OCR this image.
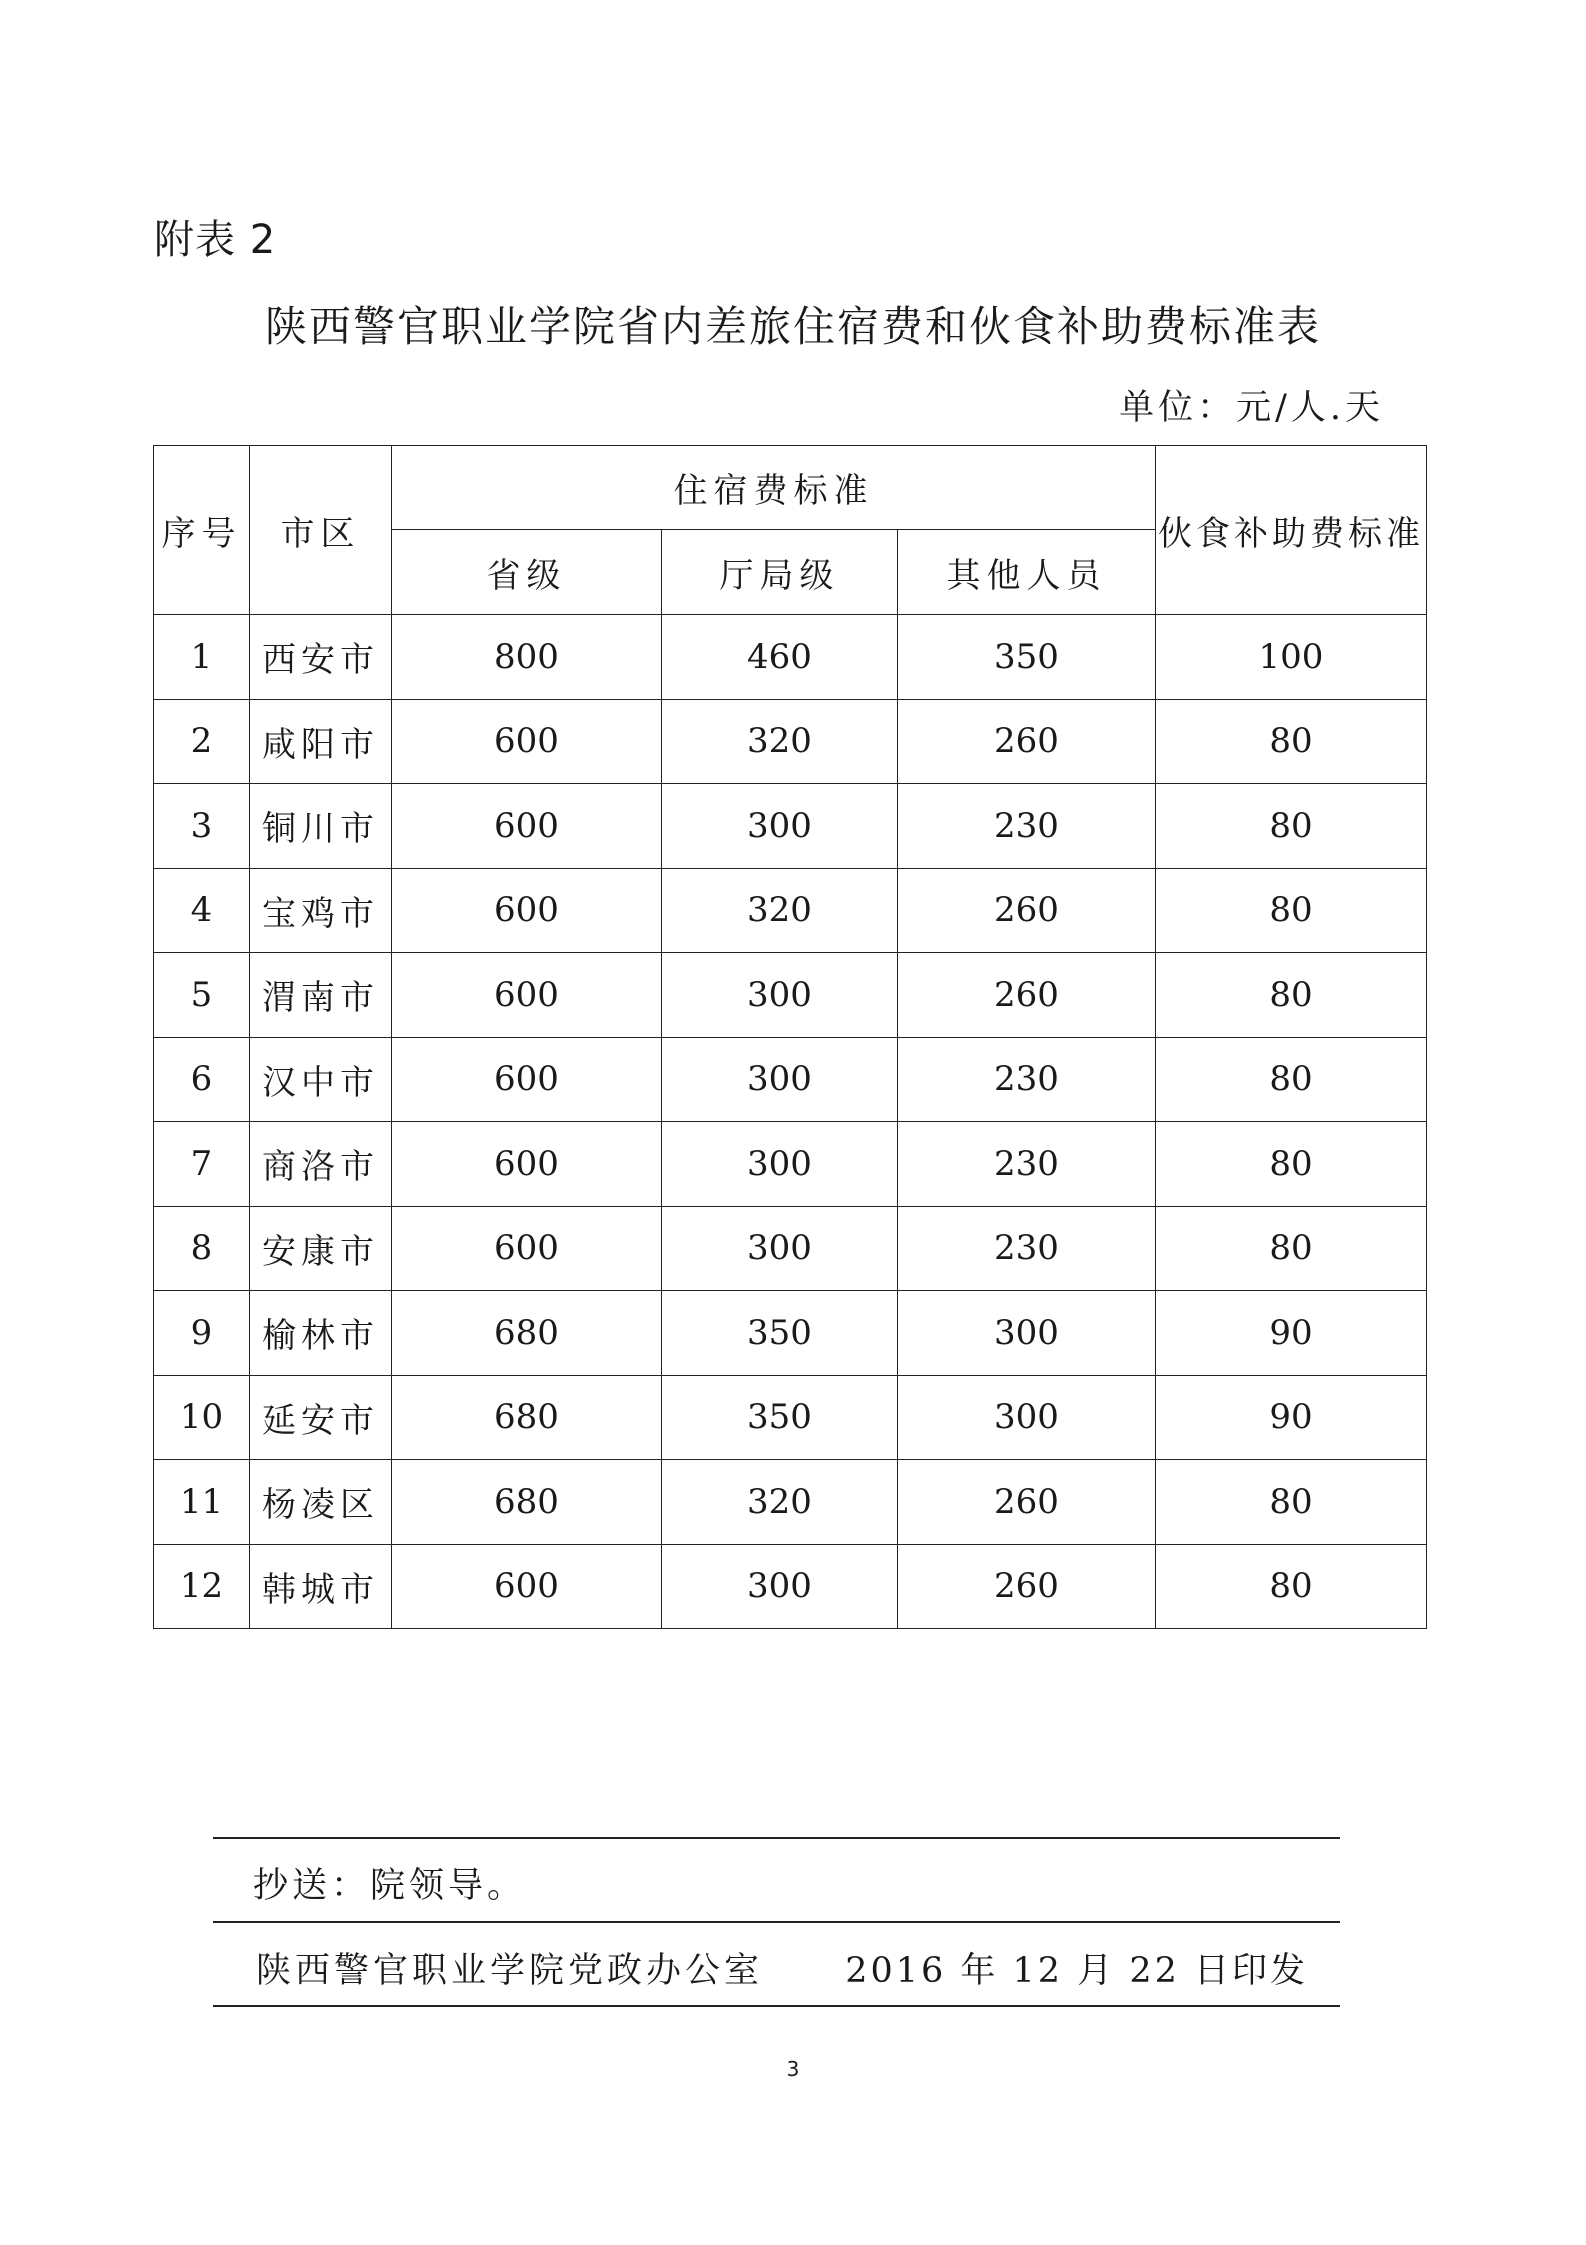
附表 2
陕西警官职业学院省内差旅住宿费和伙食补助费标准表
单位：元/人.天
序号	市区	住宿费标准			伙食补助费标准
		省级	厅局级	其他人员	
1	西安市	800	460	350	100
2	咸阳市	600	320	260	80
3	铜川市	600	300	230	80
4	宝鸡市	600	320	260	80
5	渭南市	600	300	260	80
6	汉中市	600	300	230	80
7	商洛市	600	300	230	80
8	安康市	600	300	230	80
9	榆林市	680	350	300	90
10	延安市	680	350	300	90
11	杨凌区	680	320	260	80
12	韩城市	600	300	260	80
抄送：院领导。
陕西警官职业学院党政办公室 2016 年 12 月 22 日印发
3
